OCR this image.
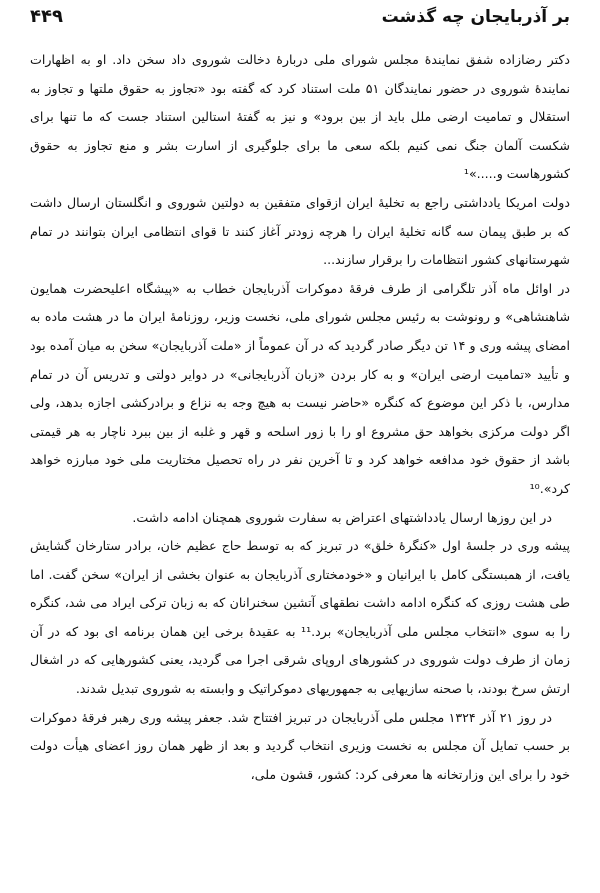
بر آذربایجان چه گذشت
۴۴۹

دکتر رضازاده شفق نمایندۀ مجلس شورای ملی دربارۀ دخالت شوروی داد سخن داد. او به اظهارات نمایندۀ شوروی در حضور نمایندگان ۵۱ ملت استناد کرد که گفته بود «تجاوز به حقوق ملتها و تجاوز به استقلال و تمامیت ارضی ملل باید از بین برود» و نیز به گفتۀ استالین استناد جست که ما تنها برای شکست آلمان جنگ نمی کنیم بلکه سعی ما برای جلوگیری از اسارت بشر و منع تجاوز به حقوق کشورهاست و.....»¹

دولت امریکا یادداشتی راجع به تخلیۀ ایران ازقوای متفقین به دولتین شوروی و انگلستان ارسال داشت که بر طبق پیمان سه گانه تخلیۀ ایران را هرچه زودتر آغاز کنند تا قوای انتظامی ایران بتوانند در تمام شهرستانهای کشور انتظامات را برقرار سازند...

در اوائل ماه آذر تلگرامی از طرف فرقۀ دموکرات آذربایجان خطاب به «پیشگاه اعلیحضرت همایون شاهنشاهی» و رونوشت به رئیس مجلس شورای ملی، نخست وزیر، روزنامۀ ایران ما در هشت ماده به امضای پیشه وری و ۱۴ تن دیگر صادر گردید که در آن عموماً از «ملت آذربایجان» سخن به میان آمده بود و تأیید «تمامیت ارضی ایران» و به کار بردن «زبان آذربایجانی» در دوایر دولتی و تدریس آن در تمام مدارس، با ذکر این موضوع که کنگره «حاضر نیست به هیچ وجه به نزاع و برادرکشی اجازه بدهد، ولی اگر دولت مرکزی بخواهد حق مشروع او را با زور اسلحه و قهر و غلبه از بین ببرد ناچار به هر قیمتی باشد از حقوق خود مدافعه خواهد کرد و تا آخرین نفر در راه تحصیل مختاریت ملی خود مبارزه خواهد کرد».¹⁰

در این روزها ارسال یادداشتهای اعتراض به سفارت شوروی همچنان ادامه داشت.

پیشه وری در جلسۀ اول «کنگرۀ خلق» در تبریز که به توسط حاج عظیم خان، برادر ستارخان گشایش یافت، از همبستگی کامل با ایرانیان و «خودمختاری آذربایجان به عنوان بخشی از ایران» سخن گفت. اما طی هشت روزی که کنگره ادامه داشت نطقهای آتشین سخنرانان که به زبان ترکی ایراد می شد، کنگره را به سوی «انتخاب مجلس ملی آذربایجان» برد.¹¹ به عقیدۀ برخی این همان برنامه ای بود که در آن زمان از طرف دولت شوروی در کشورهای اروپای شرقی اجرا می گردید، یعنی کشورهایی که در اشغال ارتش سرخ بودند، با صحنه سازیهایی به جمهوریهای دموکراتیک و وابسته به شوروی تبدیل شدند.

در روز ۲۱ آذر ۱۳۲۴ مجلس ملی آذربایجان در تبریز افتتاح شد. جعفر پیشه وری رهبر فرقۀ دموکرات بر حسب تمایل آن مجلس به نخست وزیری انتخاب گردید و بعد از ظهر همان روز اعضای هیأت دولت خود را برای این وزارتخانه ها معرفی کرد: کشور، قشون ملی،
